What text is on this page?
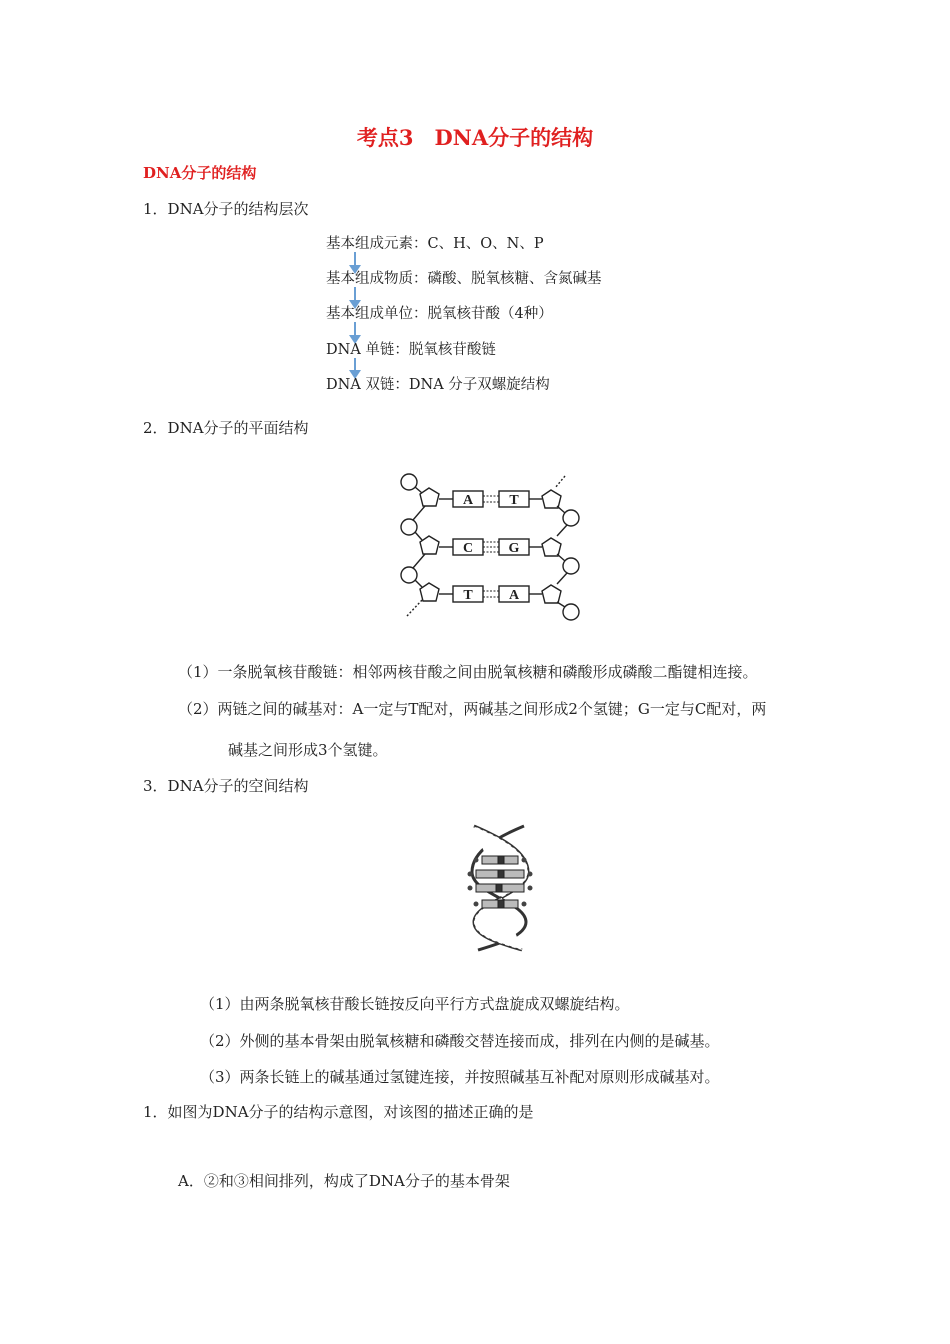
考点3　DNA分子的结构
DNA分子的结构
1．DNA分子的结构层次
基本组成元素：C、H、O、N、P
基本组成物质：磷酸、脱氧核糖、含氮碱基
基本组成单位：脱氧核苷酸（4种）
DNA 单链：脱氧核苷酸链
DNA 双链：DNA 分子双螺旋结构
2．DNA分子的平面结构
A	T
C	G
T	A
（1）一条脱氧核苷酸链：相邻两核苷酸之间由脱氧核糖和磷酸形成磷酸二酯键相连接。
（2）两链之间的碱基对：A一定与T配对，两碱基之间形成2个氢键；G一定与C配对，两
碱基之间形成3个氢键。
3．DNA分子的空间结构
（1）由两条脱氧核苷酸长链按反向平行方式盘旋成双螺旋结构。
（2）外侧的基本骨架由脱氧核糖和磷酸交替连接而成，排列在内侧的是碱基。
（3）两条长链上的碱基通过氢键连接，并按照碱基互补配对原则形成碱基对。
1．如图为DNA分子的结构示意图，对该图的描述正确的是
A．②和③相间排列，构成了DNA分子的基本骨架
